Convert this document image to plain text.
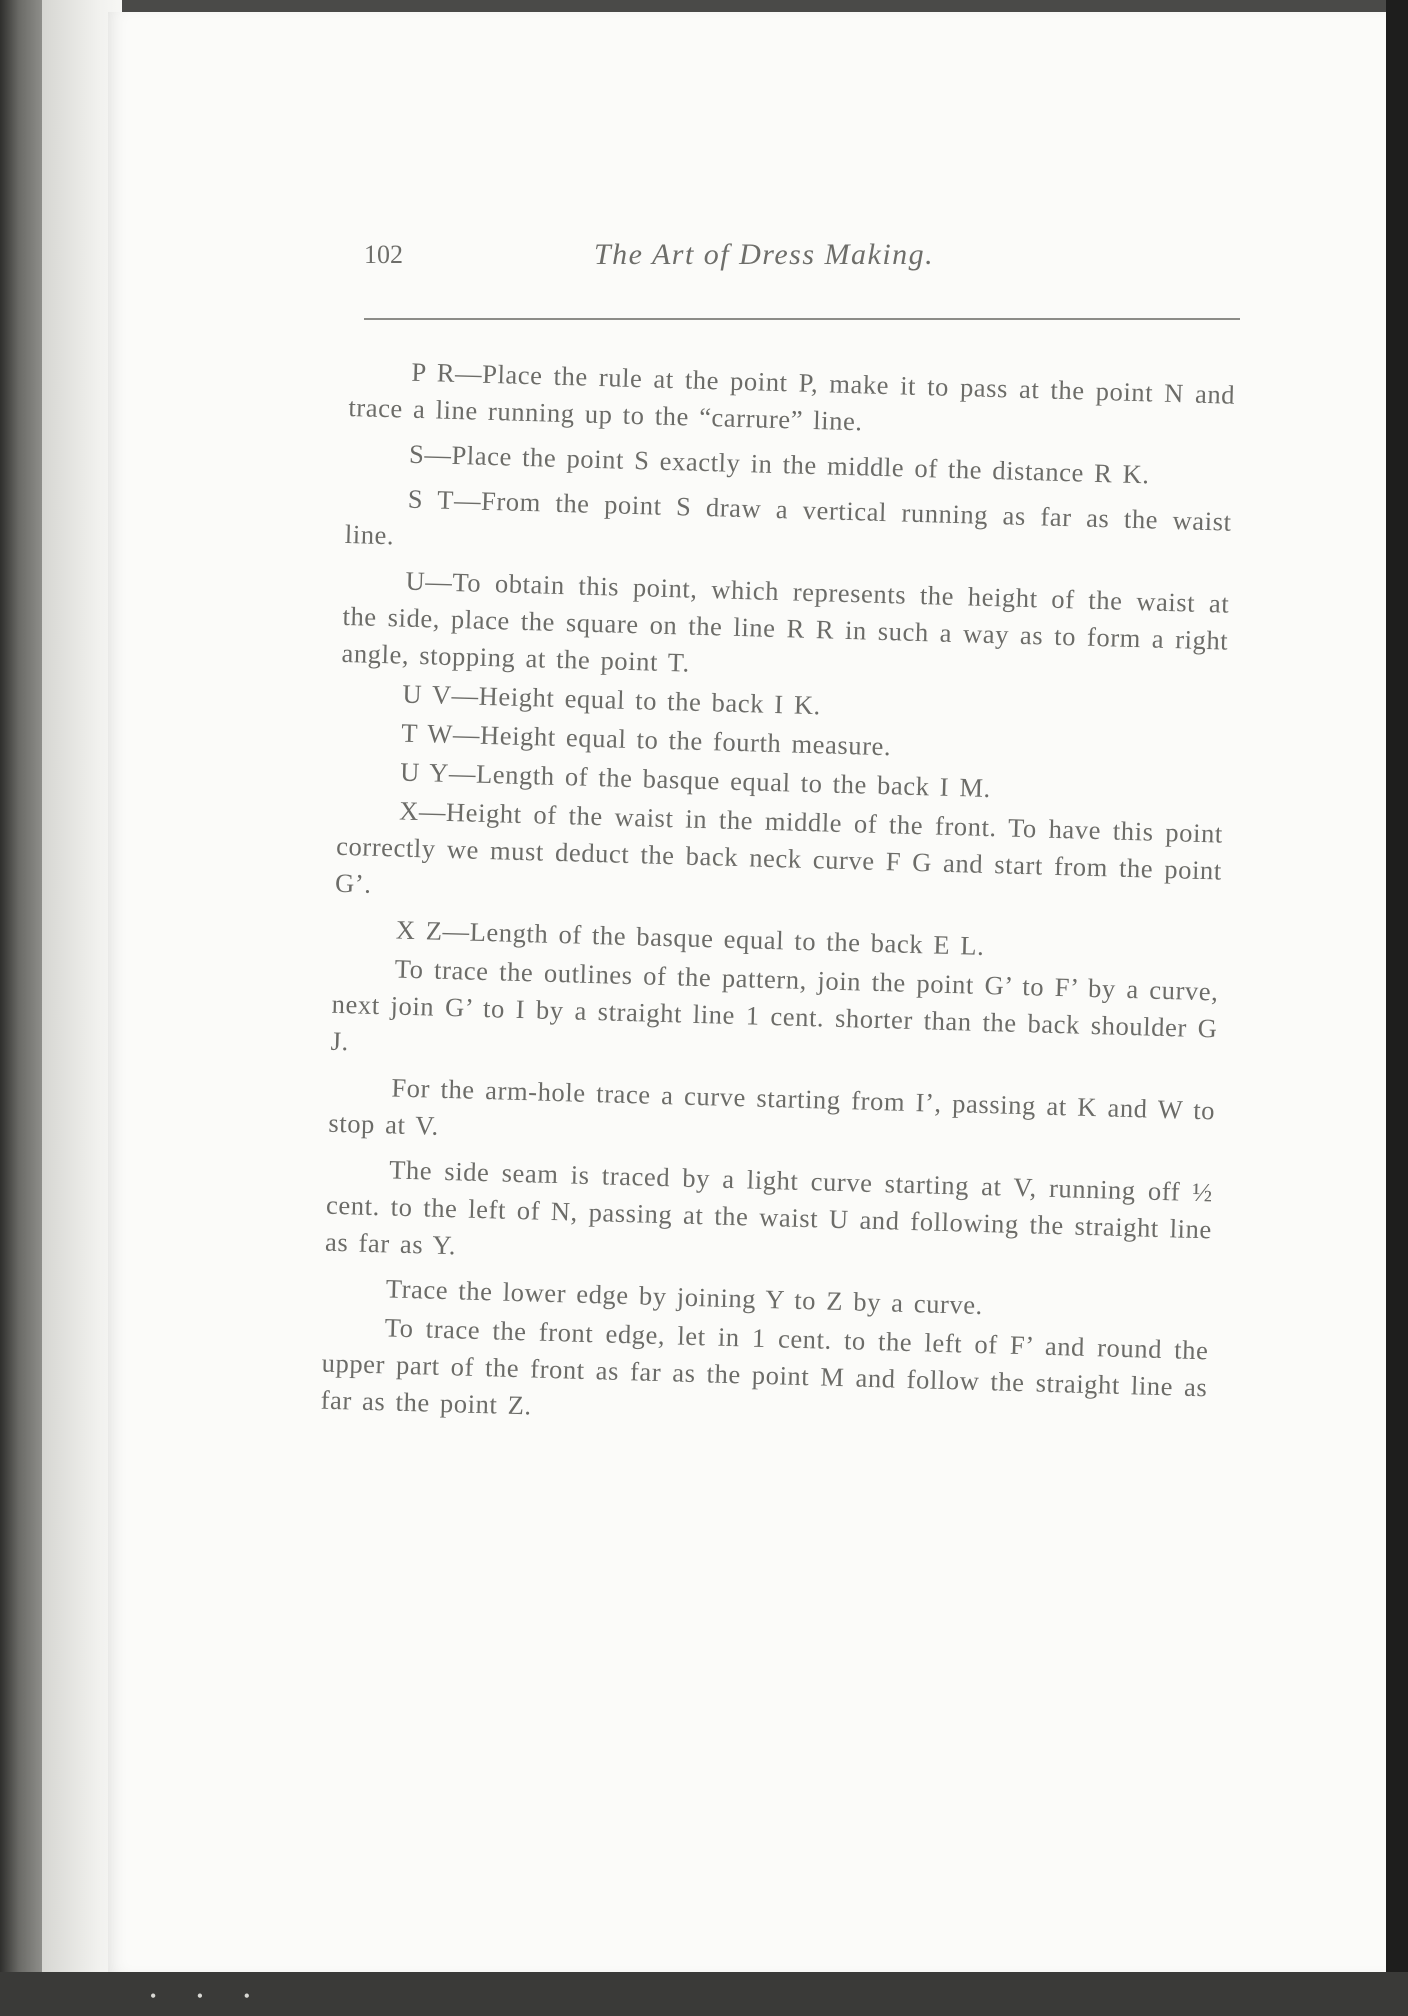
102	The Art of Dress Making.

P R—Place the rule at the point P, make it to pass at the point N and trace a line running up to the “carrure” line.

S—Place the point S exactly in the middle of the distance R K.

S T—From the point S draw a vertical running as far as the waist line.

U—To obtain this point, which represents the height of the waist at the side, place the square on the line R R in such a way as to form a right angle, stopping at the point T.

U V—Height equal to the back I K.

T W—Height equal to the fourth measure.

U Y—Length of the basque equal to the back I M.

X—Height of the waist in the middle of the front. To have this point correctly we must deduct the back neck curve F G and start from the point G’.

X Z—Length of the basque equal to the back E L.

To trace the outlines of the pattern, join the point G’ to F’ by a curve, next join G’ to I by a straight line 1 cent. shorter than the back shoulder G J.

For the arm-hole trace a curve starting from I’, passing at K and W to stop at V.

The side seam is traced by a light curve starting at V, running off ½ cent. to the left of N, passing at the waist U and following the straight line as far as Y.

Trace the lower edge by joining Y to Z by a curve.

To trace the front edge, let in 1 cent. to the left of F’ and round the upper part of the front as far as the point M and follow the straight line as far as the point Z.

• • •
